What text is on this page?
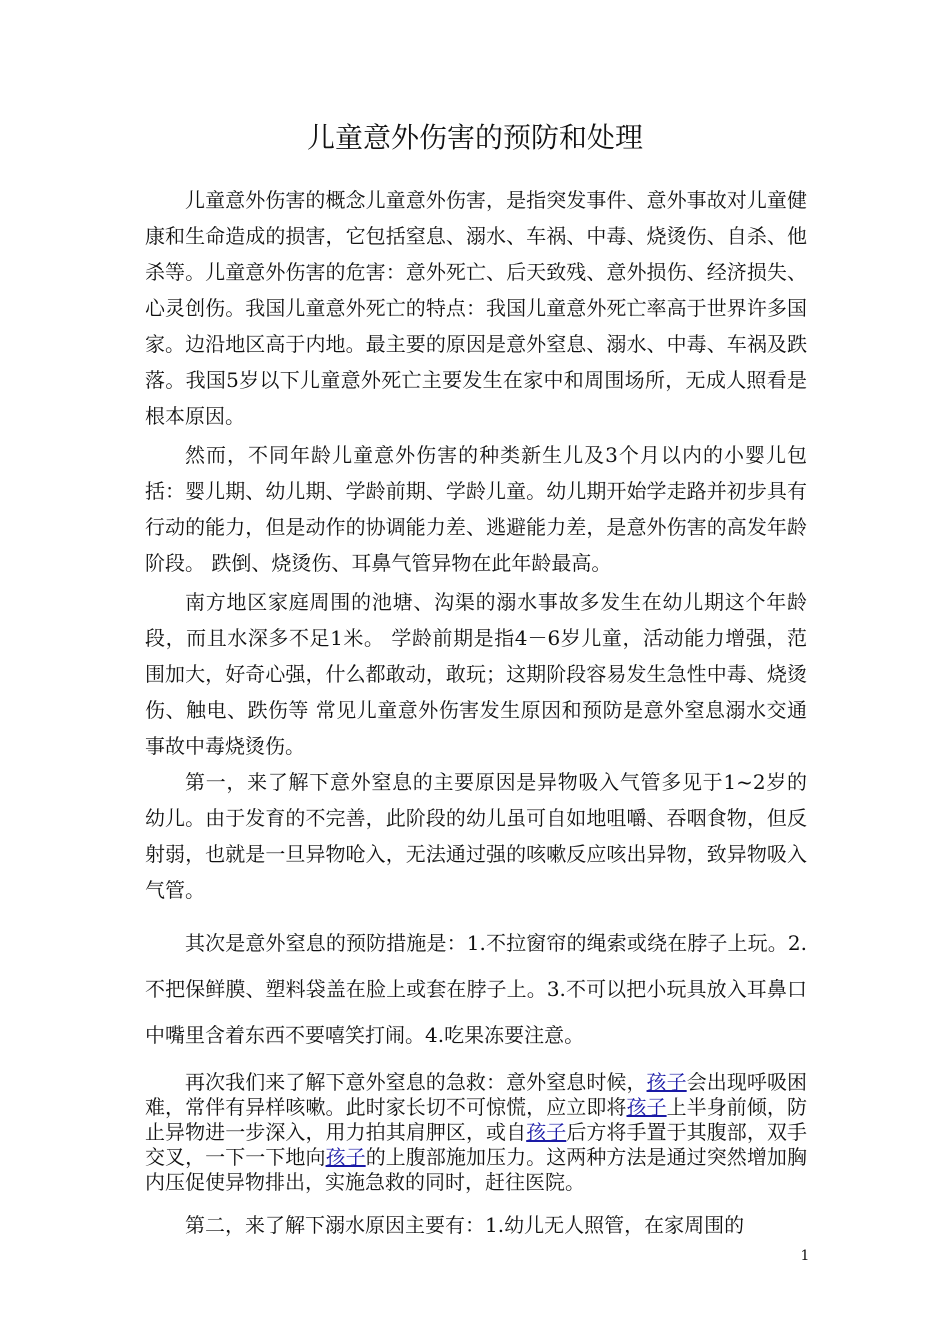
儿童意外伤害的预防和处理

儿童意外伤害的概念儿童意外伤害，是指突发事件、意外事故对儿童健康和生命造成的损害，它包括窒息、溺水、车祸、中毒、烧烫伤、自杀、他杀等。儿童意外伤害的危害：意外死亡、后天致残、意外损伤、经济损失、心灵创伤。我国儿童意外死亡的特点：我国儿童意外死亡率高于世界许多国家。边沿地区高于内地。最主要的原因是意外窒息、溺水、中毒、车祸及跌落。我国5岁以下儿童意外死亡主要发生在家中和周围场所，无成人照看是根本原因。

然而，不同年龄儿童意外伤害的种类新生儿及3个月以内的小婴儿包括：婴儿期、幼儿期、学龄前期、学龄儿童。幼儿期开始学走路并初步具有行动的能力，但是动作的协调能力差、逃避能力差，是意外伤害的高发年龄阶段。 跌倒、烧烫伤、耳鼻气管异物在此年龄最高。

南方地区家庭周围的池塘、沟渠的溺水事故多发生在幼儿期这个年龄段，而且水深多不足1米。 学龄前期是指4－6岁儿童，活动能力增强，范围加大，好奇心强，什么都敢动，敢玩；这期阶段容易发生急性中毒、烧烫伤、触电、跌伤等 常见儿童意外伤害发生原因和预防是意外窒息溺水交通事故中毒烧烫伤。

第一，来了解下意外窒息的主要原因是异物吸入气管多见于1~2岁的幼儿。由于发育的不完善，此阶段的幼儿虽可自如地咀嚼、吞咽食物，但反射弱，也就是一旦异物呛入，无法通过强的咳嗽反应咳出异物，致异物吸入气管。

其次是意外窒息的预防措施是：1.不拉窗帘的绳索或绕在脖子上玩。2.不把保鲜膜、塑料袋盖在脸上或套在脖子上。3.不可以把小玩具放入耳鼻口中嘴里含着东西不要嘻笑打闹。4.吃果冻要注意。

再次我们来了解下意外窒息的急救：意外窒息时候，孩子会出现呼吸困难，常伴有异样咳嗽。此时家长切不可惊慌，应立即将孩子上半身前倾，防止异物进一步深入，用力拍其肩胛区，或自孩子后方将手置于其腹部，双手交叉，一下一下地向孩子的上腹部施加压力。这两种方法是通过突然增加胸内压促使异物排出，实施急救的同时，赶往医院。

第二，来了解下溺水原因主要有：1.幼儿无人照管，在家周围的

1
